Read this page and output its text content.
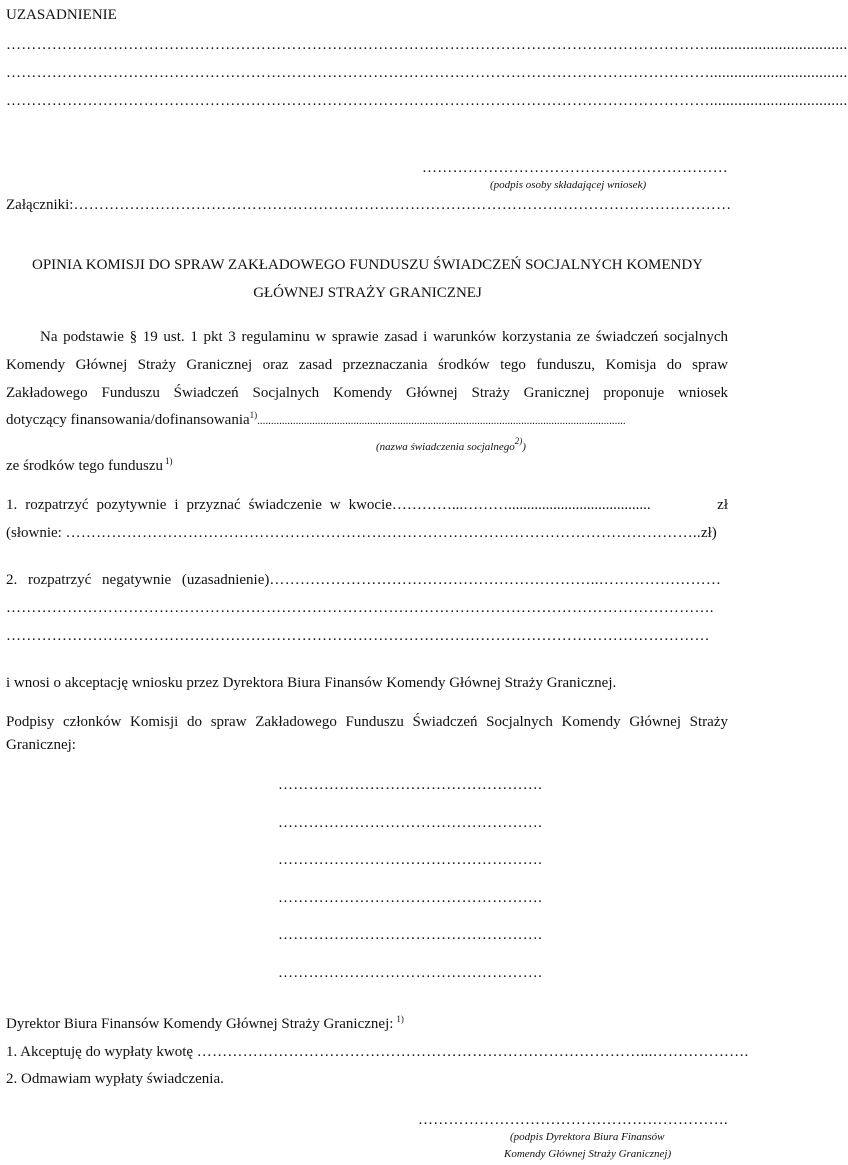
UZASADNIENIE
…………………………………………………………………………………………………………………………..................................
…………………………………………………………………………………………………………………………..................................
…………………………………………………………………………………………………………………………..................................
……………………………………………………
(podpis osoby składającej wniosek)
Załączniki:…………………………………………………………………………………………………………………
OPINIA KOMISJI DO SPRAW ZAKŁADOWEGO FUNDUSZU ŚWIADCZEŃ SOCJALNYCH KOMENDY
GŁÓWNEJ STRAŻY GRANICZNEJ
Na podstawie § 19 ust. 1 pkt 3 regulaminu w sprawie zasad i warunków korzystania ze świadczeń socjalnych
Komendy Głównej Straży Granicznej oraz zasad przeznaczania środków tego funduszu, Komisja do spraw
Zakładowego Funduszu Świadczeń Socjalnych Komendy Głównej Straży Granicznej proponuje wniosek
dotyczący finansowania/dofinansowania$^{1)}$......................................................................................................................................
(nazwa świadczenia socjalnego$^{2)}$)
ze środków tego funduszu $^{1)}$
1. rozpatrzyć pozytywnie i przyznać świadczenie w kwocie…………...………......................................	zł
(słownie: ……………………………………………………………………………………………………………..zł)
2. rozpatrzyć negatywnie (uzasadnienie)………………………………………………………..……………………
………………………………………………………………………………………………………………………….
…………………………………………………………………………………………………………………………
i wnosi o akceptację wniosku przez Dyrektora Biura Finansów Komendy Głównej Straży Granicznej.
Podpisy członków Komisji do spraw Zakładowego Funduszu Świadczeń Socjalnych Komendy Głównej Straży
Granicznej:
…………………………………………….
…………………………………………….
…………………………………………….
…………………………………………….
…………………………………………….
…………………………………………….
Dyrektor Biura Finansów Komendy Głównej Straży Granicznej: $^{1)}$
1. Akceptuję do wypłaty kwotę ……………………………………………………………………………...……………….
2. Odmawiam wypłaty świadczenia.
…………………………………………………….
(podpis Dyrektora Biura Finansów
Komendy Głównej Straży Granicznej)
